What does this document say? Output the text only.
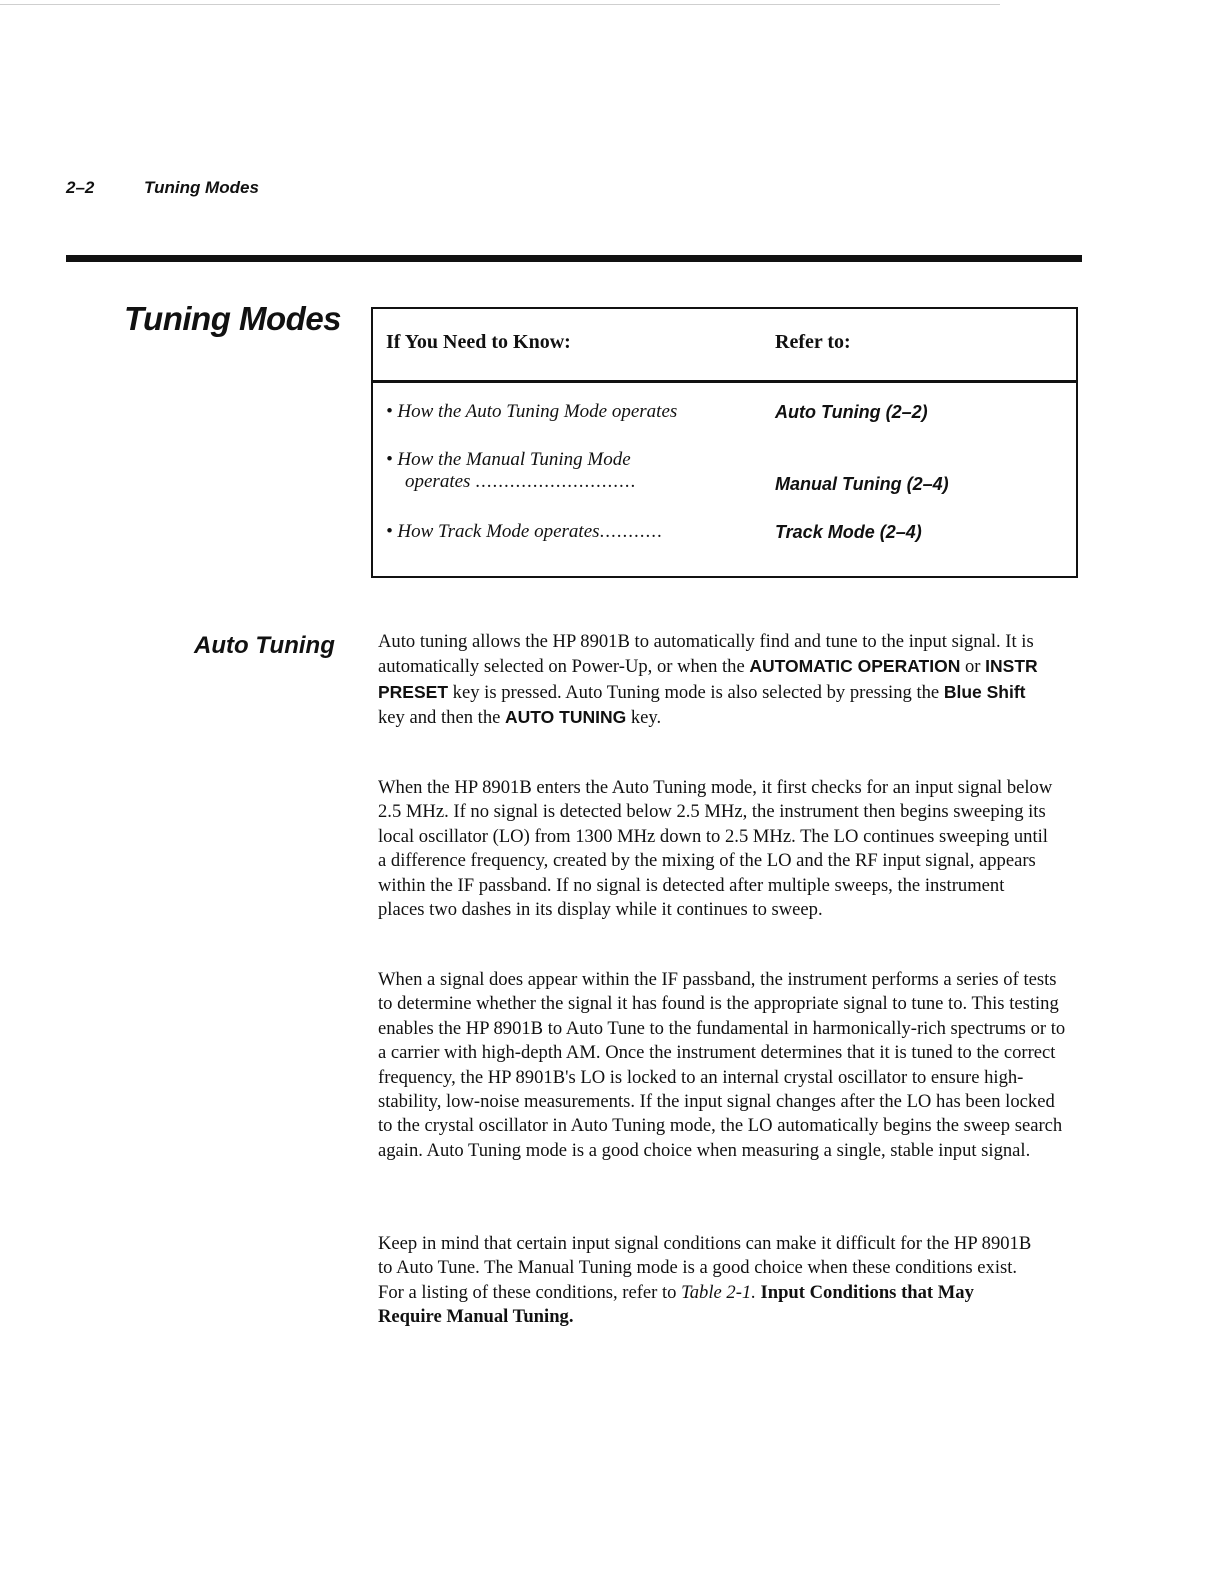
2–2	Tuning Modes
Tuning Modes
If You Need to Know:	Refer to:
• How the Auto Tuning Mode operates	Auto Tuning (2–2)
• How the Manual Tuning Mode
operates ............................	Manual Tuning (2–4)
• How Track Mode operates...........	Track Mode (2–4)
Auto Tuning Auto tuning allows the HP 8901B to automatically find and tune to the input signal. It is automatically selected on Power-Up, or when the AUTOMATIC OPERATION or INSTR PRESET key is pressed. Auto Tuning mode is also selected by pressing the Blue Shift key and then the AUTO TUNING key.

When the HP 8901B enters the Auto Tuning mode, it first checks for an input signal below 2.5 MHz. If no signal is detected below 2.5 MHz, the instrument then begins sweeping its local oscillator (LO) from 1300 MHz down to 2.5 MHz. The LO continues sweeping until a difference frequency, created by the mixing of the LO and the RF input signal, appears within the IF passband. If no signal is detected after multiple sweeps, the instrument places two dashes in its display while it continues to sweep.

When a signal does appear within the IF passband, the instrument performs a series of tests to determine whether the signal it has found is the appropriate signal to tune to. This testing enables the HP 8901B to Auto Tune to the fundamental in harmonically-rich spectrums or to a carrier with high-depth AM. Once the instrument determines that it is tuned to the correct frequency, the HP 8901B's LO is locked to an internal crystal oscillator to ensure high-stability, low-noise measurements. If the input signal changes after the LO has been locked to the crystal oscillator in Auto Tuning mode, the LO automatically begins the sweep search again. Auto Tuning mode is a good choice when measuring a single, stable input signal.

Keep in mind that certain input signal conditions can make it difficult for the HP 8901B to Auto Tune. The Manual Tuning mode is a good choice when these conditions exist. For a listing of these conditions, refer to Table 2-1. Input Conditions that May Require Manual Tuning.
